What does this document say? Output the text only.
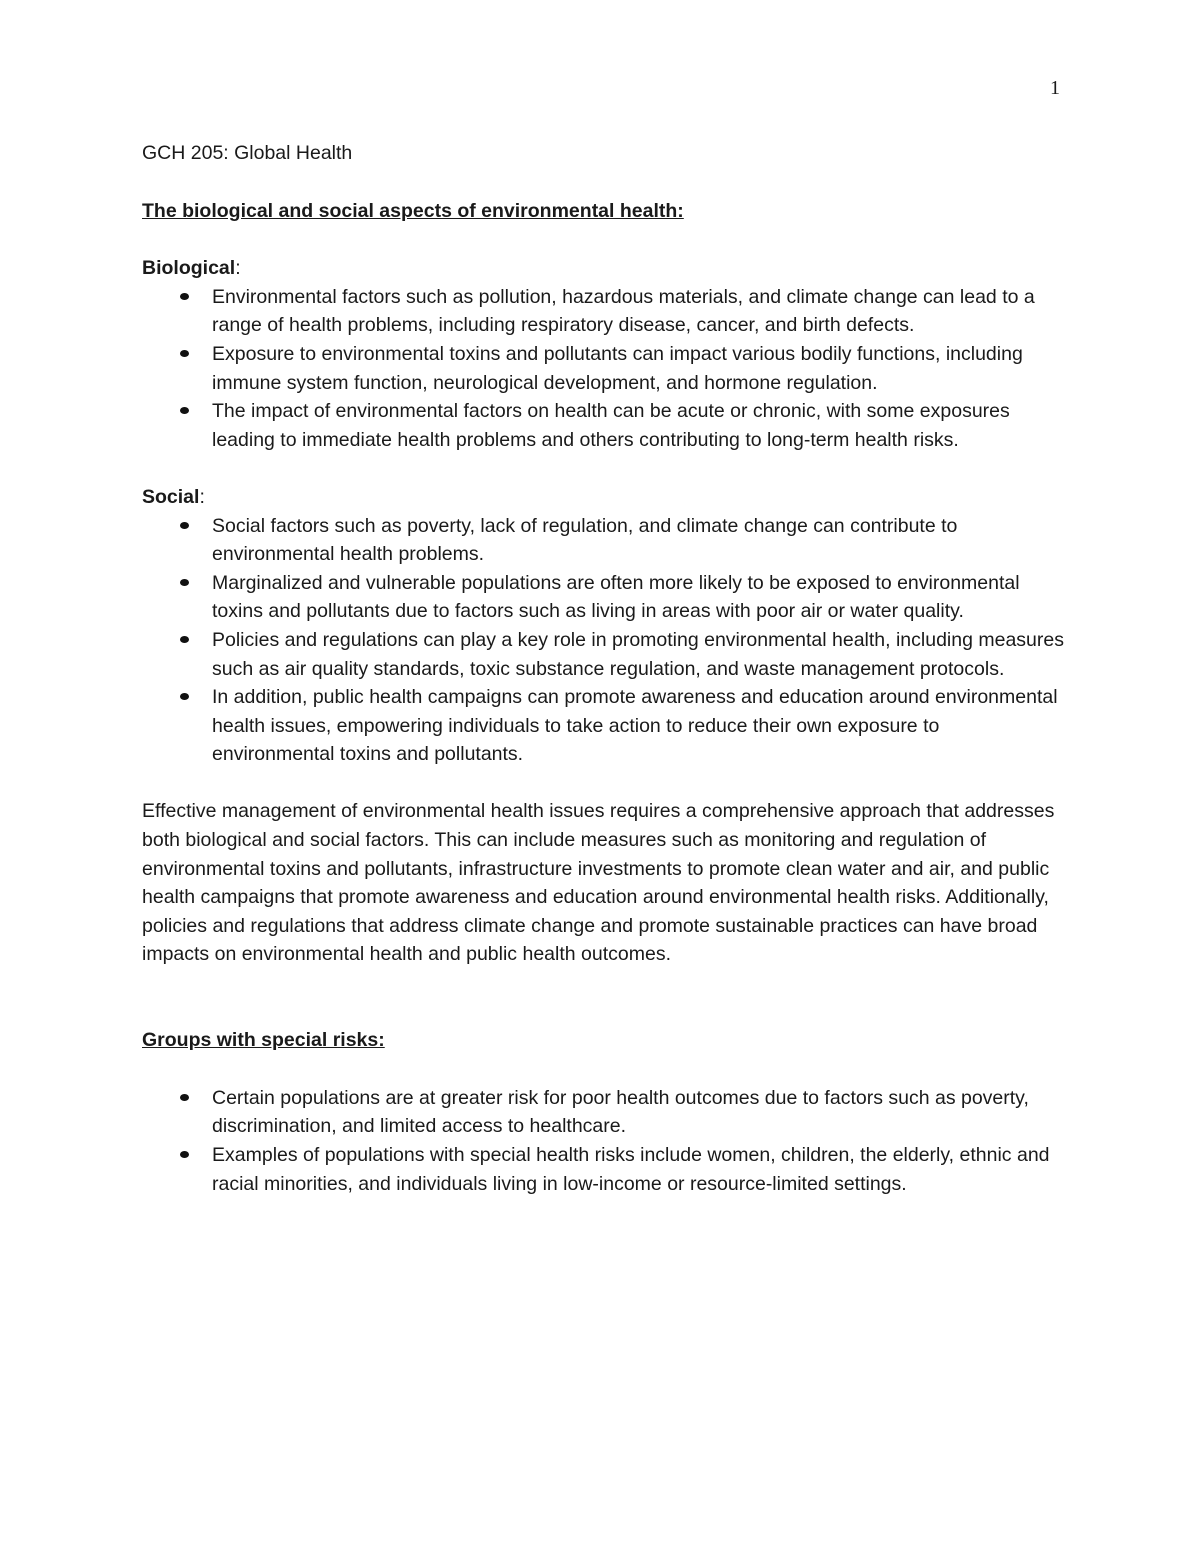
1

GCH 205: Global Health

The biological and social aspects of environmental health:

Biological:

Environmental factors such as pollution, hazardous materials, and climate change can lead to a range of health problems, including respiratory disease, cancer, and birth defects.
Exposure to environmental toxins and pollutants can impact various bodily functions, including immune system function, neurological development, and hormone regulation.
The impact of environmental factors on health can be acute or chronic, with some exposures leading to immediate health problems and others contributing to long-term health risks.

Social:

Social factors such as poverty, lack of regulation, and climate change can contribute to environmental health problems.
Marginalized and vulnerable populations are often more likely to be exposed to environmental toxins and pollutants due to factors such as living in areas with poor air or water quality.
Policies and regulations can play a key role in promoting environmental health, including measures such as air quality standards, toxic substance regulation, and waste management protocols.
In addition, public health campaigns can promote awareness and education around environmental health issues, empowering individuals to take action to reduce their own exposure to environmental toxins and pollutants.

Effective management of environmental health issues requires a comprehensive approach that addresses both biological and social factors. This can include measures such as monitoring and regulation of environmental toxins and pollutants, infrastructure investments to promote clean water and air, and public health campaigns that promote awareness and education around environmental health risks. Additionally, policies and regulations that address climate change and promote sustainable practices can have broad impacts on environmental health and public health outcomes.

Groups with special risks:

Certain populations are at greater risk for poor health outcomes due to factors such as poverty, discrimination, and limited access to healthcare.
Examples of populations with special health risks include women, children, the elderly, ethnic and racial minorities, and individuals living in low-income or resource-limited settings.
